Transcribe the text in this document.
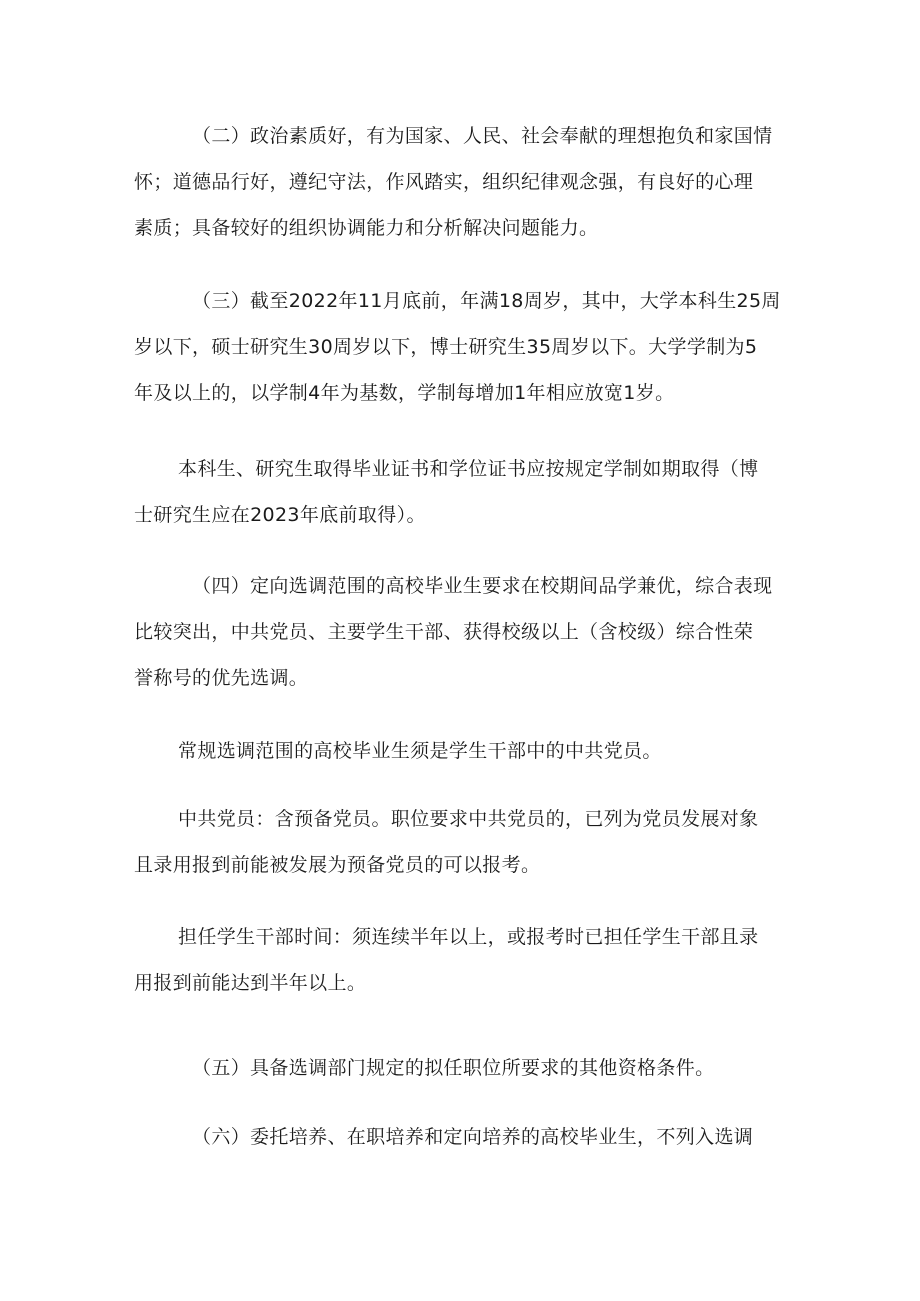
（二）政治素质好，有为国家、人民、社会奉献的理想抱负和家国情
怀；道德品行好，遵纪守法，作风踏实，组织纪律观念强，有良好的心理
素质；具备较好的组织协调能力和分析解决问题能力。
（三）截至2022年11月底前，年满18周岁，其中，大学本科生25周
岁以下，硕士研究生30周岁以下，博士研究生35周岁以下。大学学制为5
年及以上的，以学制4年为基数，学制每增加1年相应放宽1岁。
本科生、研究生取得毕业证书和学位证书应按规定学制如期取得（博
士研究生应在2023年底前取得）。
（四）定向选调范围的高校毕业生要求在校期间品学兼优，综合表现
比较突出，中共党员、主要学生干部、获得校级以上（含校级）综合性荣
誉称号的优先选调。
常规选调范围的高校毕业生须是学生干部中的中共党员。
中共党员：含预备党员。职位要求中共党员的，已列为党员发展对象
且录用报到前能被发展为预备党员的可以报考。
担任学生干部时间：须连续半年以上，或报考时已担任学生干部且录
用报到前能达到半年以上。
（五）具备选调部门规定的拟任职位所要求的其他资格条件。
（六）委托培养、在职培养和定向培养的高校毕业生，不列入选调
